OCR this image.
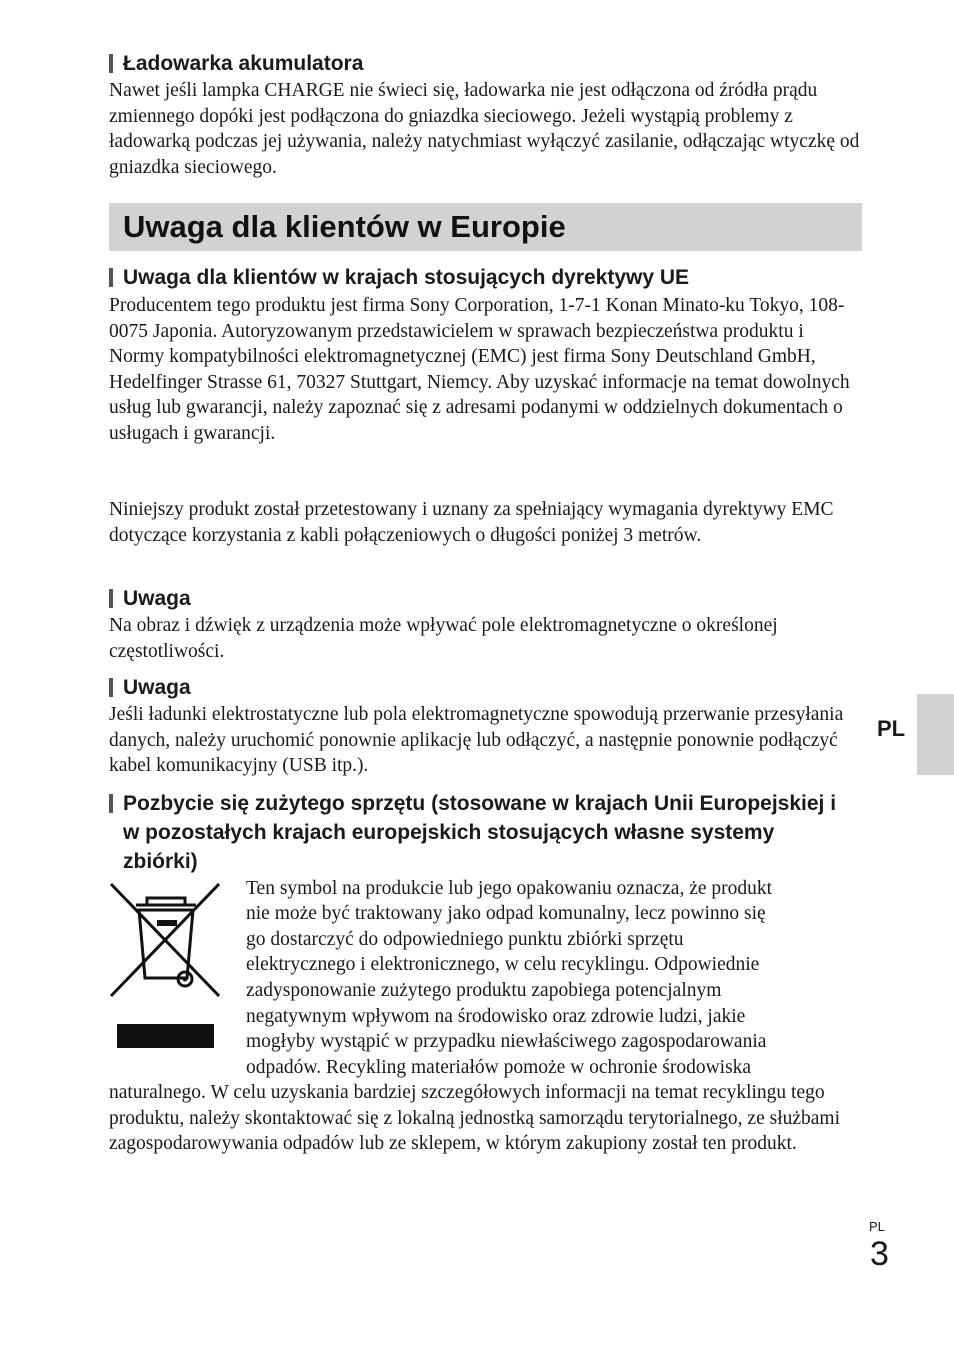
Ładowarka akumulatora

Nawet jeśli lampka CHARGE nie świeci się, ładowarka nie jest odłączona od źródła prądu zmiennego dopóki jest podłączona do gniazdka sieciowego. Jeżeli wystąpią problemy z ładowarką podczas jej używania, należy natychmiast wyłączyć zasilanie, odłączając wtyczkę od gniazdka sieciowego.

Uwaga dla klientów w Europie
Uwaga dla klientów w krajach stosujących dyrektywy UE

Producentem tego produktu jest firma Sony Corporation, 1-7-1 Konan Minato-ku Tokyo, 108-0075 Japonia. Autoryzowanym przedstawicielem w sprawach bezpieczeństwa produktu i Normy kompatybilności elektromagnetycznej (EMC) jest firma Sony Deutschland GmbH, Hedelfinger Strasse 61, 70327 Stuttgart, Niemcy. Aby uzyskać informacje na temat dowolnych usług lub gwarancji, należy zapoznać się z adresami podanymi w oddzielnych dokumentach o usługach i gwarancji.

Niniejszy produkt został przetestowany i uznany za spełniający wymagania dyrektywy EMC dotyczące korzystania z kabli połączeniowych o długości poniżej 3 metrów.

Uwaga

Na obraz i dźwięk z urządzenia może wpływać pole elektromagnetyczne o określonej częstotliwości.

Uwaga

Jeśli ładunki elektrostatyczne lub pola elektromagnetyczne spowodują przerwanie przesyłania danych, należy uruchomić ponownie aplikację lub odłączyć, a następnie ponownie podłączyć kabel komunikacyjny (USB itp.).

Pozbycie się zużytego sprzętu (stosowane w krajach Unii Europejskiej i w pozostałych krajach europejskich stosujących własne systemy zbiórki)
Ten symbol na produkcie lub jego opakowaniu oznacza, że produkt
nie może być traktowany jako odpad komunalny, lecz powinno się
go dostarczyć do odpowiedniego punktu zbiórki sprzętu
elektrycznego i elektronicznego, w celu recyklingu. Odpowiednie
zadysponowanie zużytego produktu zapobiega potencjalnym
negatywnym wpływom na środowisko oraz zdrowie ludzi, jakie
mogłyby wystąpić w przypadku niewłaściwego zagospodarowania
odpadów. Recykling materiałów pomoże w ochronie środowiska

naturalnego. W celu uzyskania bardziej szczegółowych informacji na temat recyklingu tego produktu, należy skontaktować się z lokalną jednostką samorządu terytorialnego, ze służbami zagospodarowywania odpadów lub ze sklepem, w którym zakupiony został ten produkt.

PL
PL
3
